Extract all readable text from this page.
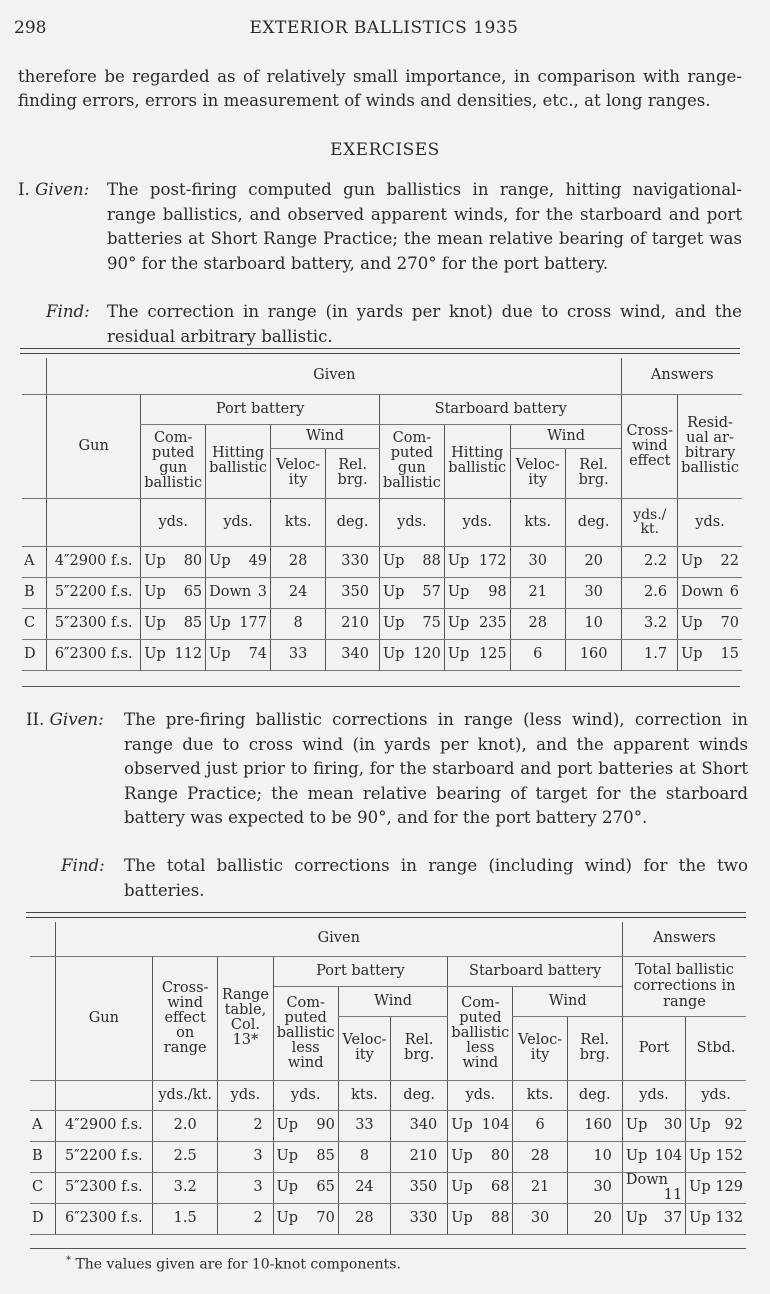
298	EXTERIOR BALLISTICS 1935
therefore be regarded as of relatively small importance, in comparison with range-finding errors, errors in measurement of winds and densities, etc., at long ranges.
EXERCISES
I. Given: The post-firing computed gun ballistics in range, hitting navigational-range ballistics, and observed apparent winds, for the starboard and port batteries at Short Range Practice; the mean relative bearing of target was 90° for the starboard battery, and 270° for the port battery.
Find: The correction in range (in yards per knot) due to cross wind, and the residual arbitrary ballistic.
	Given									Answers	
	Gun	Port battery				Starboard battery				Cross-
wind
effect	Resid-
ual ar-
bitrary
ballistic
		Com-
puted
gun
ballistic	Hitting
ballistic	Wind		Com-
puted
gun
ballistic	Hitting
ballistic	Wind			
				Veloc-
ity	Rel.
brg.			Veloc-
ity	Rel.
brg.		
		yds.	yds.	kts.	deg.	yds.	yds.	kts.	deg.	yds./
kt.	yds.
A	4″2900 f.s.	Up 80	Up 49	28	330	Up 88	Up 172	30	20	2.2	Up 22

B	5″2200 f.s.	Up 65	Down 3	24	350	Up 57	Up 98	21	30	2.6	Down 6

C	5″2300 f.s.	Up 85	Up 177	8	210	Up 75	Up 235	28	10	3.2	Up 70

D	6″2300 f.s.	Up 112	Up 74	33	340	Up 120	Up 125	6	160	1.7	Up 15
II. Given: The pre-firing ballistic corrections in range (less wind), correction in range due to cross wind (in yards per knot), and the apparent winds observed just prior to firing, for the starboard and port batteries at Short Range Practice; the mean relative bearing of target for the starboard battery was expected to be 90°, and for the port battery 270°.
Find: The total ballistic corrections in range (including wind) for the two batteries.
	Given									Answers	
	Gun	Cross-
wind
effect
on
range	Range
table,
Col.
13*	Port battery			Starboard battery			Total ballistic
corrections in
range	
				Com-
puted
ballistic
less
wind	Wind		Com-
puted
ballistic
less
wind	Wind			
					Veloc-
ity	Rel.
brg.		Veloc-
ity	Rel.
brg.	Port	Stbd.
		yds./kt.	yds.	yds.	kts.	deg.	yds.	kts.	deg.	yds.	yds.
A	4″2900 f.s.	2.0	2	Up 90	33	340	Up 104	6	160	Up 30	Up 92

B	5″2200 f.s.	2.5	3	Up 85	8	210	Up 80	28	10	Up 104	Up 152

C	5″2300 f.s.	3.2	3	Up 65	24	350	Up 68	21	30	Down
11	Up 129

D	6″2300 f.s.	1.5	2	Up 70	28	330	Up 88	30	20	Up 37	Up 132
* The values given are for 10-knot components.
